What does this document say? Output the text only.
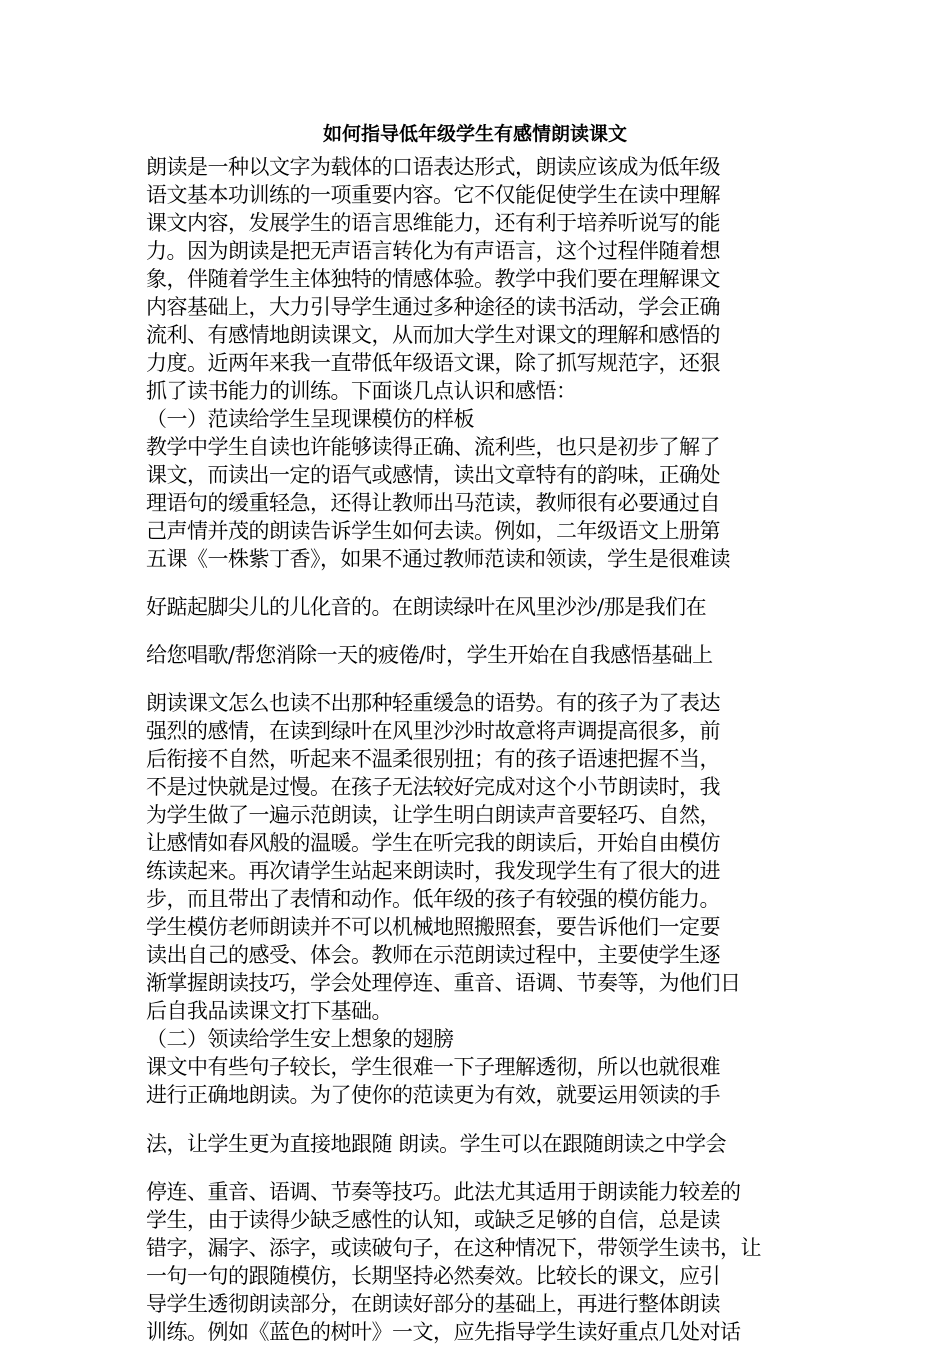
如何指导低年级学生有感情朗读课文
朗读是一种以文字为载体的口语表达形式，朗读应该成为低年级
语文基本功训练的一项重要内容。它不仅能促使学生在读中理解
课文内容，发展学生的语言思维能力，还有利于培养听说写的能
力。因为朗读是把无声语言转化为有声语言，这个过程伴随着想
象，伴随着学生主体独特的情感体验。教学中我们要在理解课文
内容基础上，大力引导学生通过多种途径的读书活动，学会正确
流利、有感情地朗读课文，从而加大学生对课文的理解和感悟的
力度。近两年来我一直带低年级语文课，除了抓写规范字，还狠
抓了读书能力的训练。下面谈几点认识和感悟：
（一）范读给学生呈现课模仿的样板
教学中学生自读也许能够读得正确、流利些，也只是初步了解了
课文，而读出一定的语气或感情，读出文章特有的韵味，正确处
理语句的缓重轻急，还得让教师出马范读，教师很有必要通过自
己声情并茂的朗读告诉学生如何去读。例如，二年级语文上册第
五课《一株紫丁香》，如果不通过教师范读和领读，学生是很难读
好踮起脚尖儿的儿化音的。在朗读绿叶在风里沙沙/那是我们在
给您唱歌/帮您消除一天的疲倦/时，学生开始在自我感悟基础上
朗读课文怎么也读不出那种轻重缓急的语势。有的孩子为了表达
强烈的感情，在读到绿叶在风里沙沙时故意将声调提高很多，前
后衔接不自然，听起来不温柔很别扭；有的孩子语速把握不当，
不是过快就是过慢。在孩子无法较好完成对这个小节朗读时，我
为学生做了一遍示范朗读，让学生明白朗读声音要轻巧、自然，
让感情如春风般的温暖。学生在听完我的朗读后，开始自由模仿
练读起来。再次请学生站起来朗读时，我发现学生有了很大的进
步，而且带出了表情和动作。低年级的孩子有较强的模仿能力。
学生模仿老师朗读并不可以机械地照搬照套，要告诉他们一定要
读出自己的感受、体会。教师在示范朗读过程中，主要使学生逐
渐掌握朗读技巧，学会处理停连、重音、语调、节奏等，为他们日
后自我品读课文打下基础。
（二）领读给学生安上想象的翅膀
课文中有些句子较长，学生很难一下子理解透彻，所以也就很难
进行正确地朗读。为了使你的范读更为有效，就要运用领读的手
法，让学生更为直接地跟随 朗读。学生可以在跟随朗读之中学会
停连、重音、语调、节奏等技巧。此法尤其适用于朗读能力较差的
学生，由于读得少缺乏感性的认知，或缺乏足够的自信，总是读
错字，漏字、添字，或读破句子，在这种情况下，带领学生读书，让
一句一句的跟随模仿，长期坚持必然奏效。比较长的课文，应引
导学生透彻朗读部分，在朗读好部分的基础上，再进行整体朗读
训练。例如《蓝色的树叶》一文，应先指导学生读好重点几处对话
